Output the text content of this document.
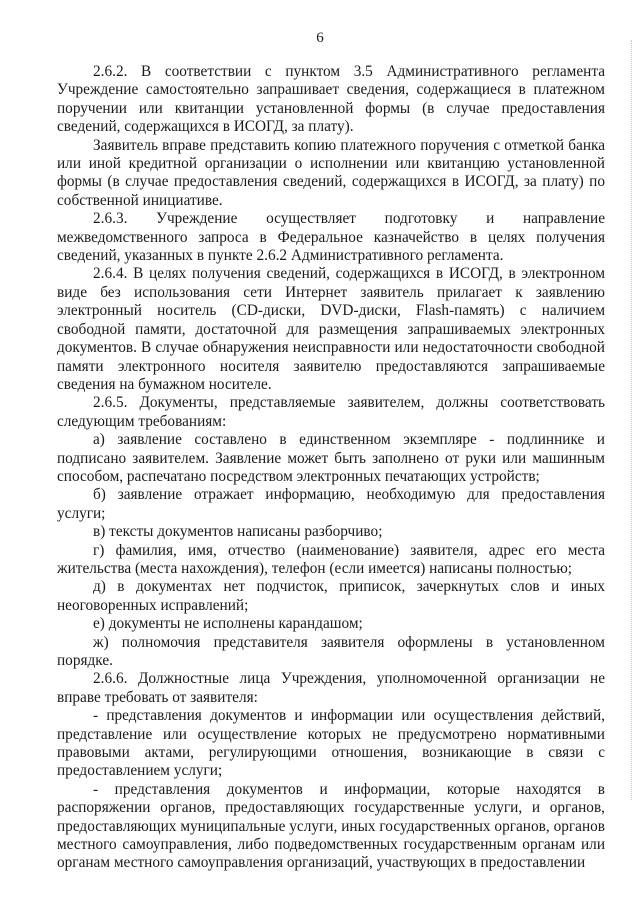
6

2.6.2. В соответствии с пунктом 3.5 Административного регламента Учреждение самостоятельно запрашивает сведения, содержащиеся в платежном поручении или квитанции установленной формы (в случае предоставления сведений, содержащихся в ИСОГД, за плату).

Заявитель вправе представить копию платежного поручения с отметкой банка или иной кредитной организации о исполнении или квитанцию установленной формы (в случае предоставления сведений, содержащихся в ИСОГД, за плату) по собственной инициативе.

2.6.3. Учреждение осуществляет подготовку и направление межведомственного запроса в Федеральное казначейство в целях получения сведений, указанных в пункте 2.6.2 Административного регламента.

2.6.4. В целях получения сведений, содержащихся в ИСОГД, в электронном виде без использования сети Интернет заявитель прилагает к заявлению электронный носитель (CD-диски, DVD-диски, Flash-память) с наличием свободной памяти, достаточной для размещения запрашиваемых электронных документов. В случае обнаружения неисправности или недостаточности свободной памяти электронного носителя заявителю предоставляются запрашиваемые сведения на бумажном носителе.

2.6.5. Документы, представляемые заявителем, должны соответствовать следующим требованиям:

а) заявление составлено в единственном экземпляре - подлиннике и подписано заявителем. Заявление может быть заполнено от руки или машинным способом, распечатано посредством электронных печатающих устройств;

б) заявление отражает информацию, необходимую для предоставления услуги;

в) тексты документов написаны разборчиво;

г) фамилия, имя, отчество (наименование) заявителя, адрес его места жительства (места нахождения), телефон (если имеется) написаны полностью;

д) в документах нет подчисток, приписок, зачеркнутых слов и иных неоговоренных исправлений;

е) документы не исполнены карандашом;

ж) полномочия представителя заявителя оформлены в установленном порядке.

2.6.6. Должностные лица Учреждения, уполномоченной организации не вправе требовать от заявителя:

- представления документов и информации или осуществления действий, представление или осуществление которых не предусмотрено нормативными правовыми актами, регулирующими отношения, возникающие в связи с предоставлением услуги;

- представления документов и информации, которые находятся в распоряжении органов, предоставляющих государственные услуги, и органов, предоставляющих муниципальные услуги, иных государственных органов, органов местного самоуправления, либо подведомственных государственным органам или органам местного самоуправления организаций, участвующих в предоставлении
